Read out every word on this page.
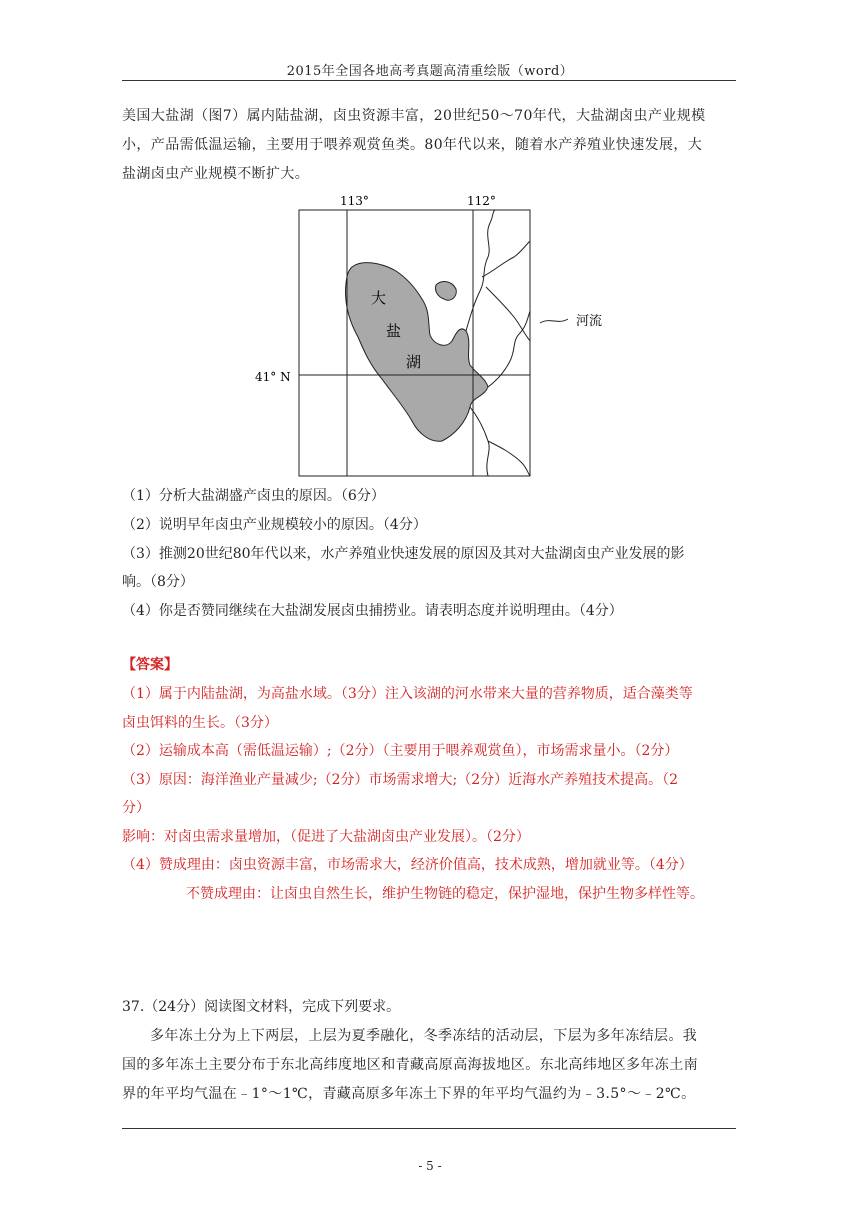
2015年全国各地高考真题高清重绘版（word）
美国大盐湖（图7）属内陆盐湖，卤虫资源丰富，20世纪50～70年代，大盐湖卤虫产业规模
小，产品需低温运输，主要用于喂养观赏鱼类。80年代以来，随着水产养殖业快速发展，大
盐湖卤虫产业规模不断扩大。
113°	112°
大
盐
湖
41° N
河流
（1）分析大盐湖盛产卤虫的原因。（6分）
（2）说明早年卤虫产业规模较小的原因。（4分）
（3）推测20世纪80年代以来，水产养殖业快速发展的原因及其对大盐湖卤虫产业发展的影
响。（8分）
（4）你是否赞同继续在大盐湖发展卤虫捕捞业。请表明态度并说明理由。（4分）
【答案】
（1）属于内陆盐湖，为高盐水域。（3分）注入该湖的河水带来大量的营养物质，适合藻类等
卤虫饵料的生长。（3分）
（2）运输成本高（需低温运输）;（2分）（主要用于喂养观赏鱼），市场需求量小。（2分）
（3）原因：海洋渔业产量减少;（2分）市场需求增大;（2分）近海水产养殖技术提高。（2
分）
影响：对卤虫需求量增加，（促进了大盐湖卤虫产业发展）。（2分）
（4）赞成理由：卤虫资源丰富，市场需求大，经济价值高，技术成熟，增加就业等。（4分）
不赞成理由：让卤虫自然生长，维护生物链的稳定，保护湿地，保护生物多样性等。
37.（24分）阅读图文材料，完成下列要求。
多年冻土分为上下两层，上层为夏季融化，冬季冻结的活动层，下层为多年冻结层。我
国的多年冻土主要分布于东北高纬度地区和青藏高原高海拔地区。东北高纬地区多年冻土南
界的年平均气温在﹣1°～1℃，青藏高原多年冻土下界的年平均气温约为﹣3.5°～﹣2℃。
- 5 -
